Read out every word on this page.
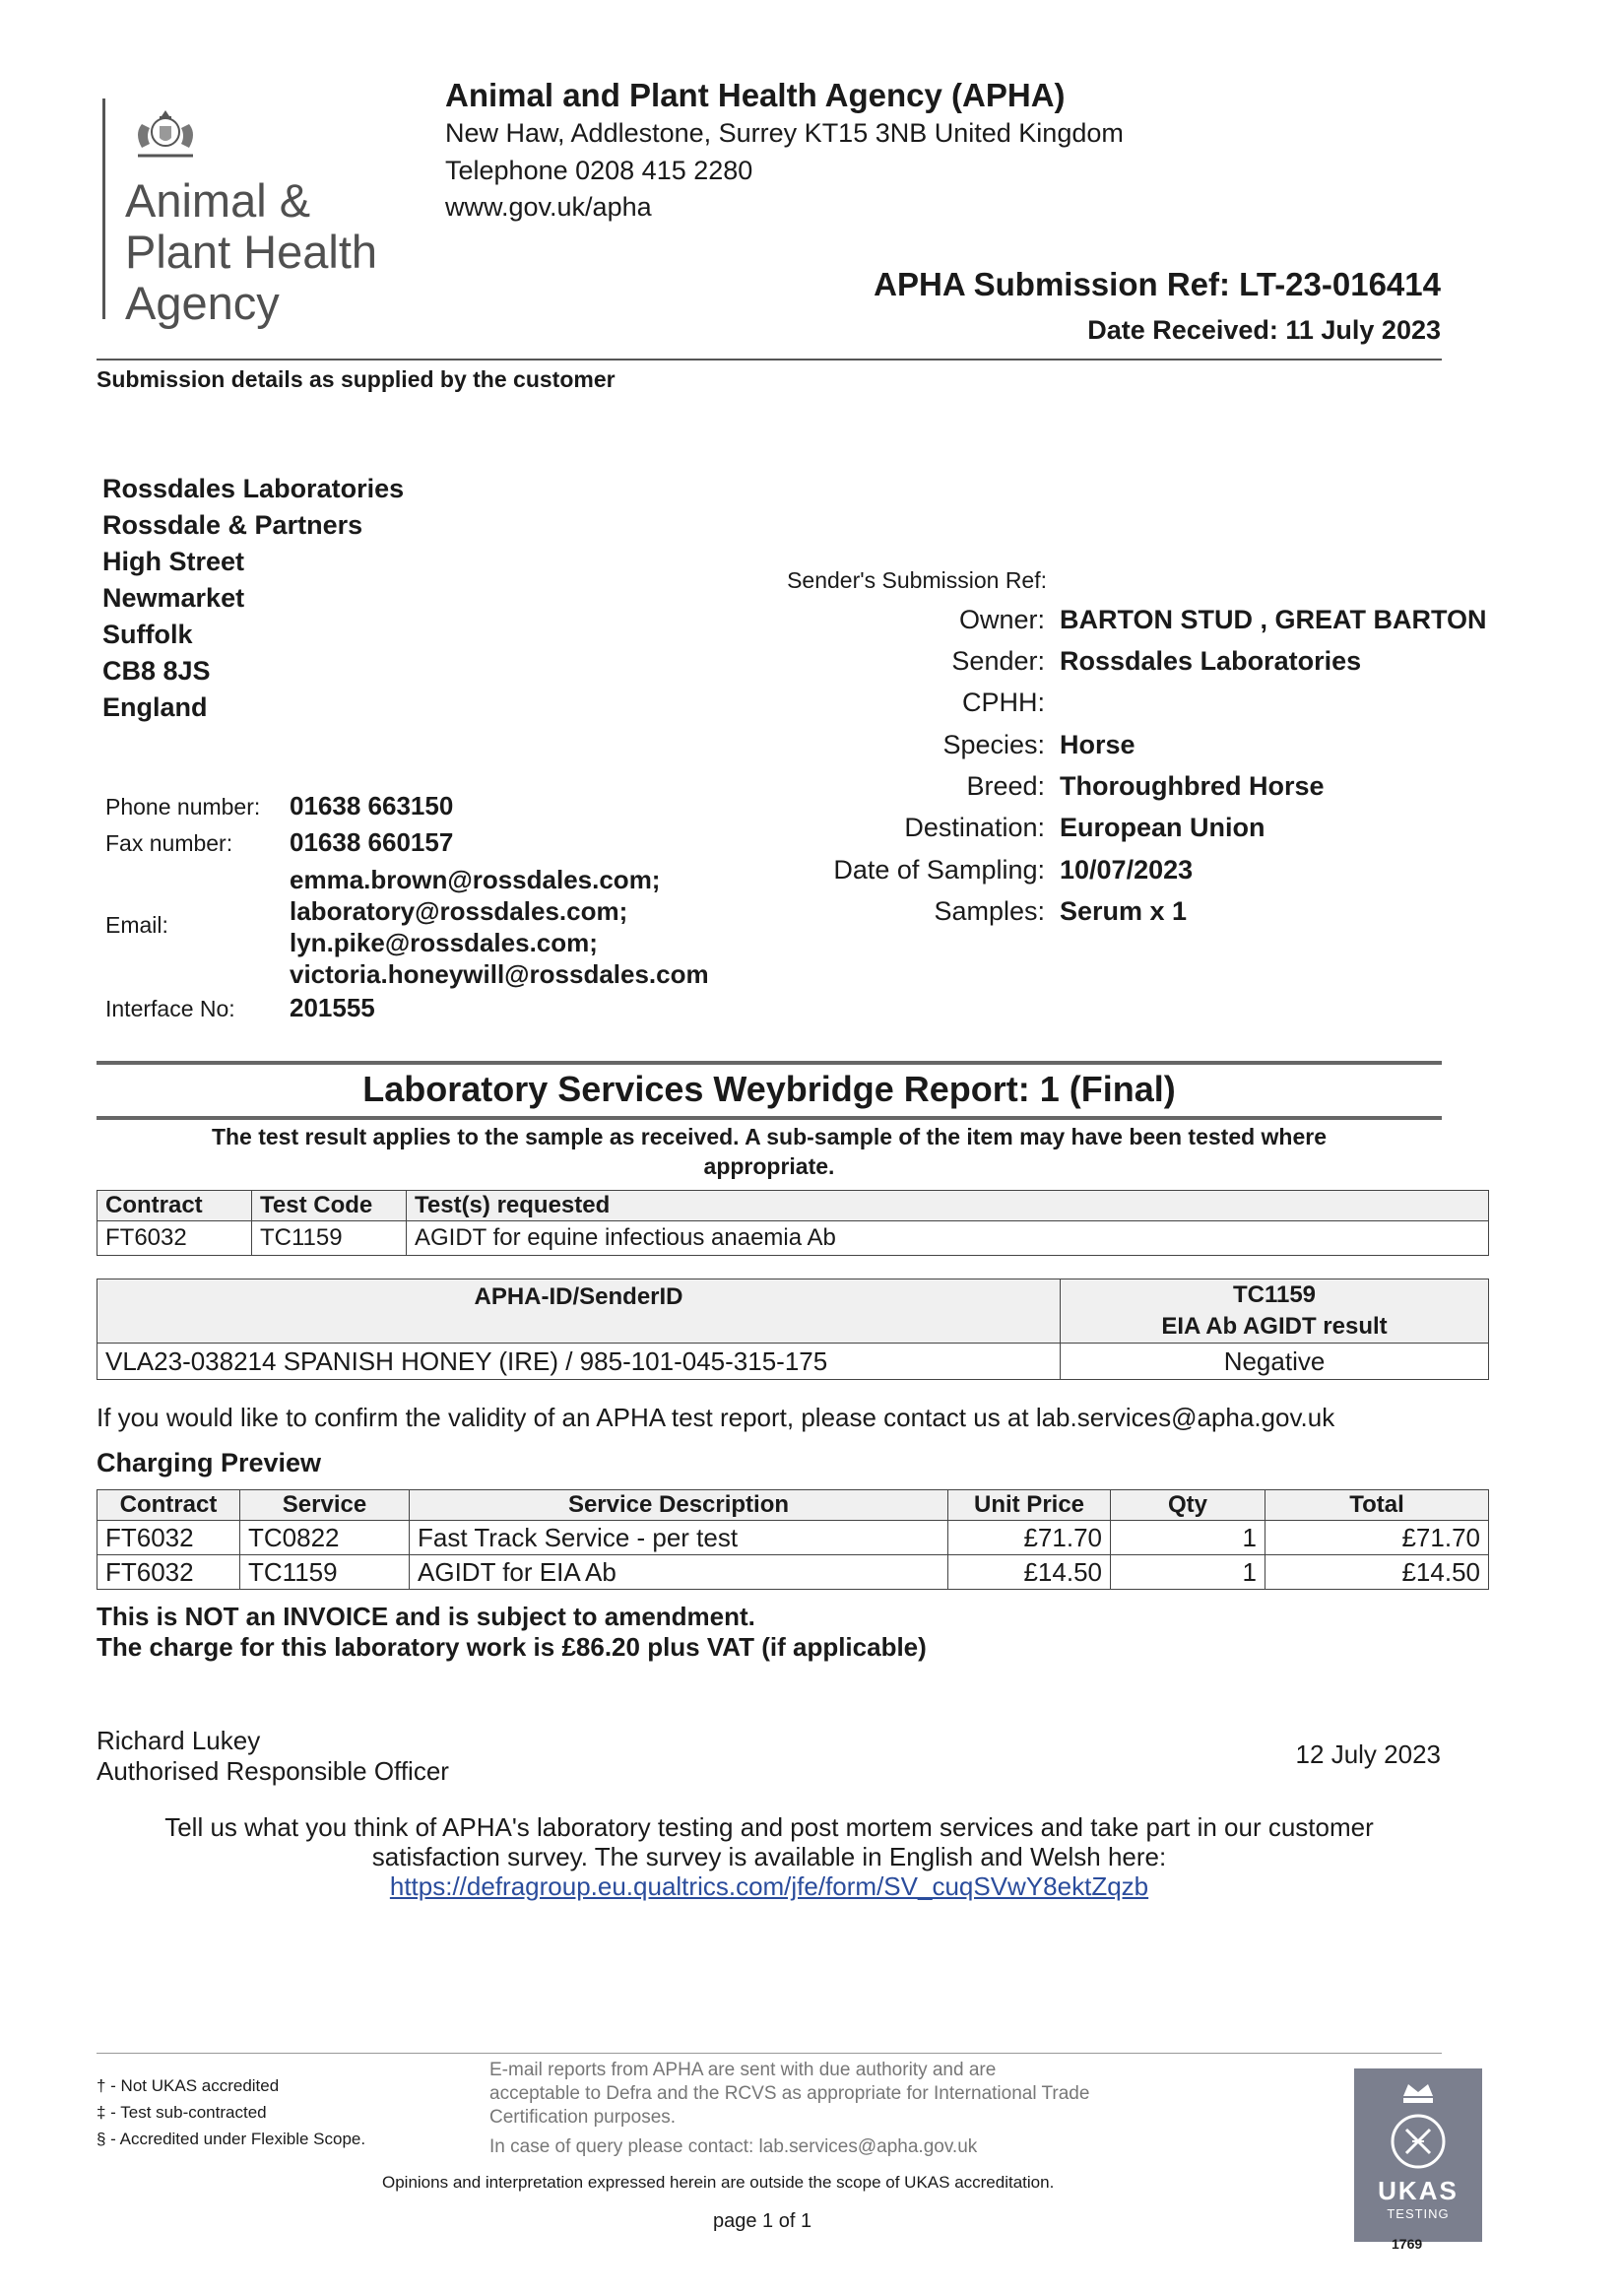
Animal &
Plant Health
Agency
Animal and Plant Health Agency (APHA)
New Haw, Addlestone, Surrey KT15 3NB United Kingdom
Telephone 0208 415 2280
www.gov.uk/apha
APHA Submission Ref: LT-23-016414
Date Received: 11 July 2023
Submission details as supplied by the customer
Rossdales Laboratories
Rossdale & Partners
High Street
Newmarket
Suffolk
CB8 8JS
England
Sender's Submission Ref:
Owner: BARTON STUD , GREAT BARTON
Sender: Rossdales Laboratories
CPHH:
Species: Horse
Breed: Thoroughbred Horse
Destination: European Union
Date of Sampling: 10/07/2023
Samples: Serum x 1
Phone number: 01638 663150
Fax number: 01638 660157
Email:
emma.brown@rossdales.com;
laboratory@rossdales.com;
lyn.pike@rossdales.com;
victoria.honeywill@rossdales.com
Interface No: 201555
Laboratory Services Weybridge Report: 1 (Final)
The test result applies to the sample as received. A sub-sample of the item may have been tested where appropriate.
Contract	Test Code	Test(s) requested
FT6032	TC1159	AGIDT for equine infectious anaemia Ab
APHA-ID/SenderID	TC1159
	EIA Ab AGIDT result
VLA23-038214 SPANISH HONEY (IRE) / 985-101-045-315-175	Negative
If you would like to confirm the validity of an APHA test report, please contact us at lab.services@apha.gov.uk
Charging Preview
Contract	Service	Service Description	Unit Price	Qty	Total
FT6032	TC0822	Fast Track Service - per test	£71.70	1	£71.70
FT6032	TC1159	AGIDT for EIA Ab	£14.50	1	£14.50
This is NOT an INVOICE and is subject to amendment.
The charge for this laboratory work is £86.20 plus VAT (if applicable)
Richard Lukey
Authorised Responsible Officer
12 July 2023
Tell us what you think of APHA's laboratory testing and post mortem services and take part in our customer
satisfaction survey. The survey is available in English and Welsh here:
https://defragroup.eu.qualtrics.com/jfe/form/SV_cuqSVwY8ektZqzb
† - Not UKAS accredited
‡ - Test sub-contracted
§ - Accredited under Flexible Scope.
E-mail reports from APHA are sent with due authority and are
acceptable to Defra and the RCVS as appropriate for International Trade
Certification purposes.
In case of query please contact: lab.services@apha.gov.uk
Opinions and interpretation expressed herein are outside the scope of UKAS accreditation.
page 1 of 1
UKAS
TESTING
1769
